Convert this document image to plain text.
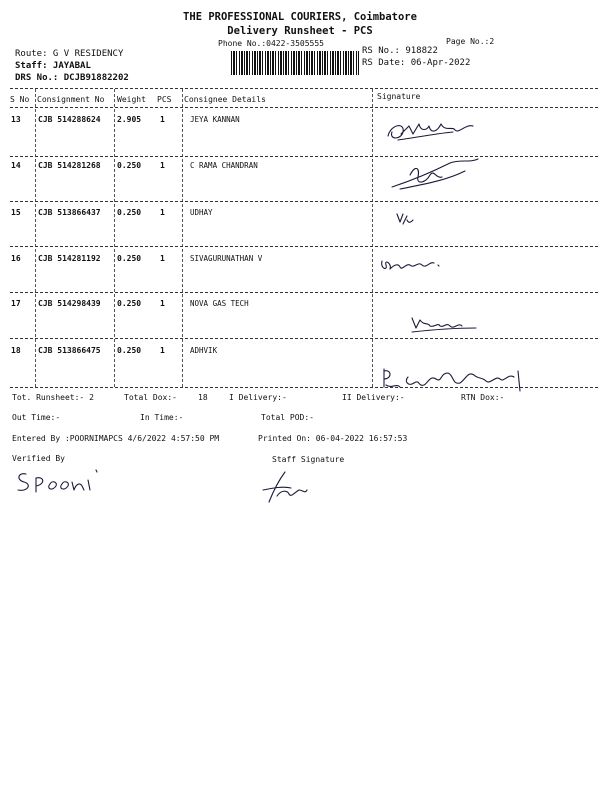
THE PROFESSIONAL COURIERS, Coimbatore
Delivery Runsheet - PCS
Phone No.:0422-3505555	Page No.:2
Route: G V RESIDENCY
Staff: JAYABAL
DRS No.: DCJB91882202
RS No.: 918822
RS Date: 06-Apr-2022
S No Consignment No Weight PCS Consignee Details	Signature
13 CJB 514288624 2.905 1	JEYA KANNAN
14 CJB 514281268 0.250 1	C RAMA CHANDRAN
15 CJB 513866437 0.250 1	UDHAY
16 CJB 514281192 0.250 1	SIVAGURUNATHAN V
17 CJB 514298439 0.250 1	NOVA GAS TECH
18 CJB 513866475 0.250 1	ADHVIK
Tot. Runsheet:- 2	Total Dox:-	18	I Delivery:-	II Delivery:-	RTN Dox:-
Out Time:-	In Time:-	Total POD:-
Entered By :POORNIMAPCS 4/6/2022 4:57:50 PM	Printed On: 06-04-2022 16:57:53
Verified By	Staff Signature
